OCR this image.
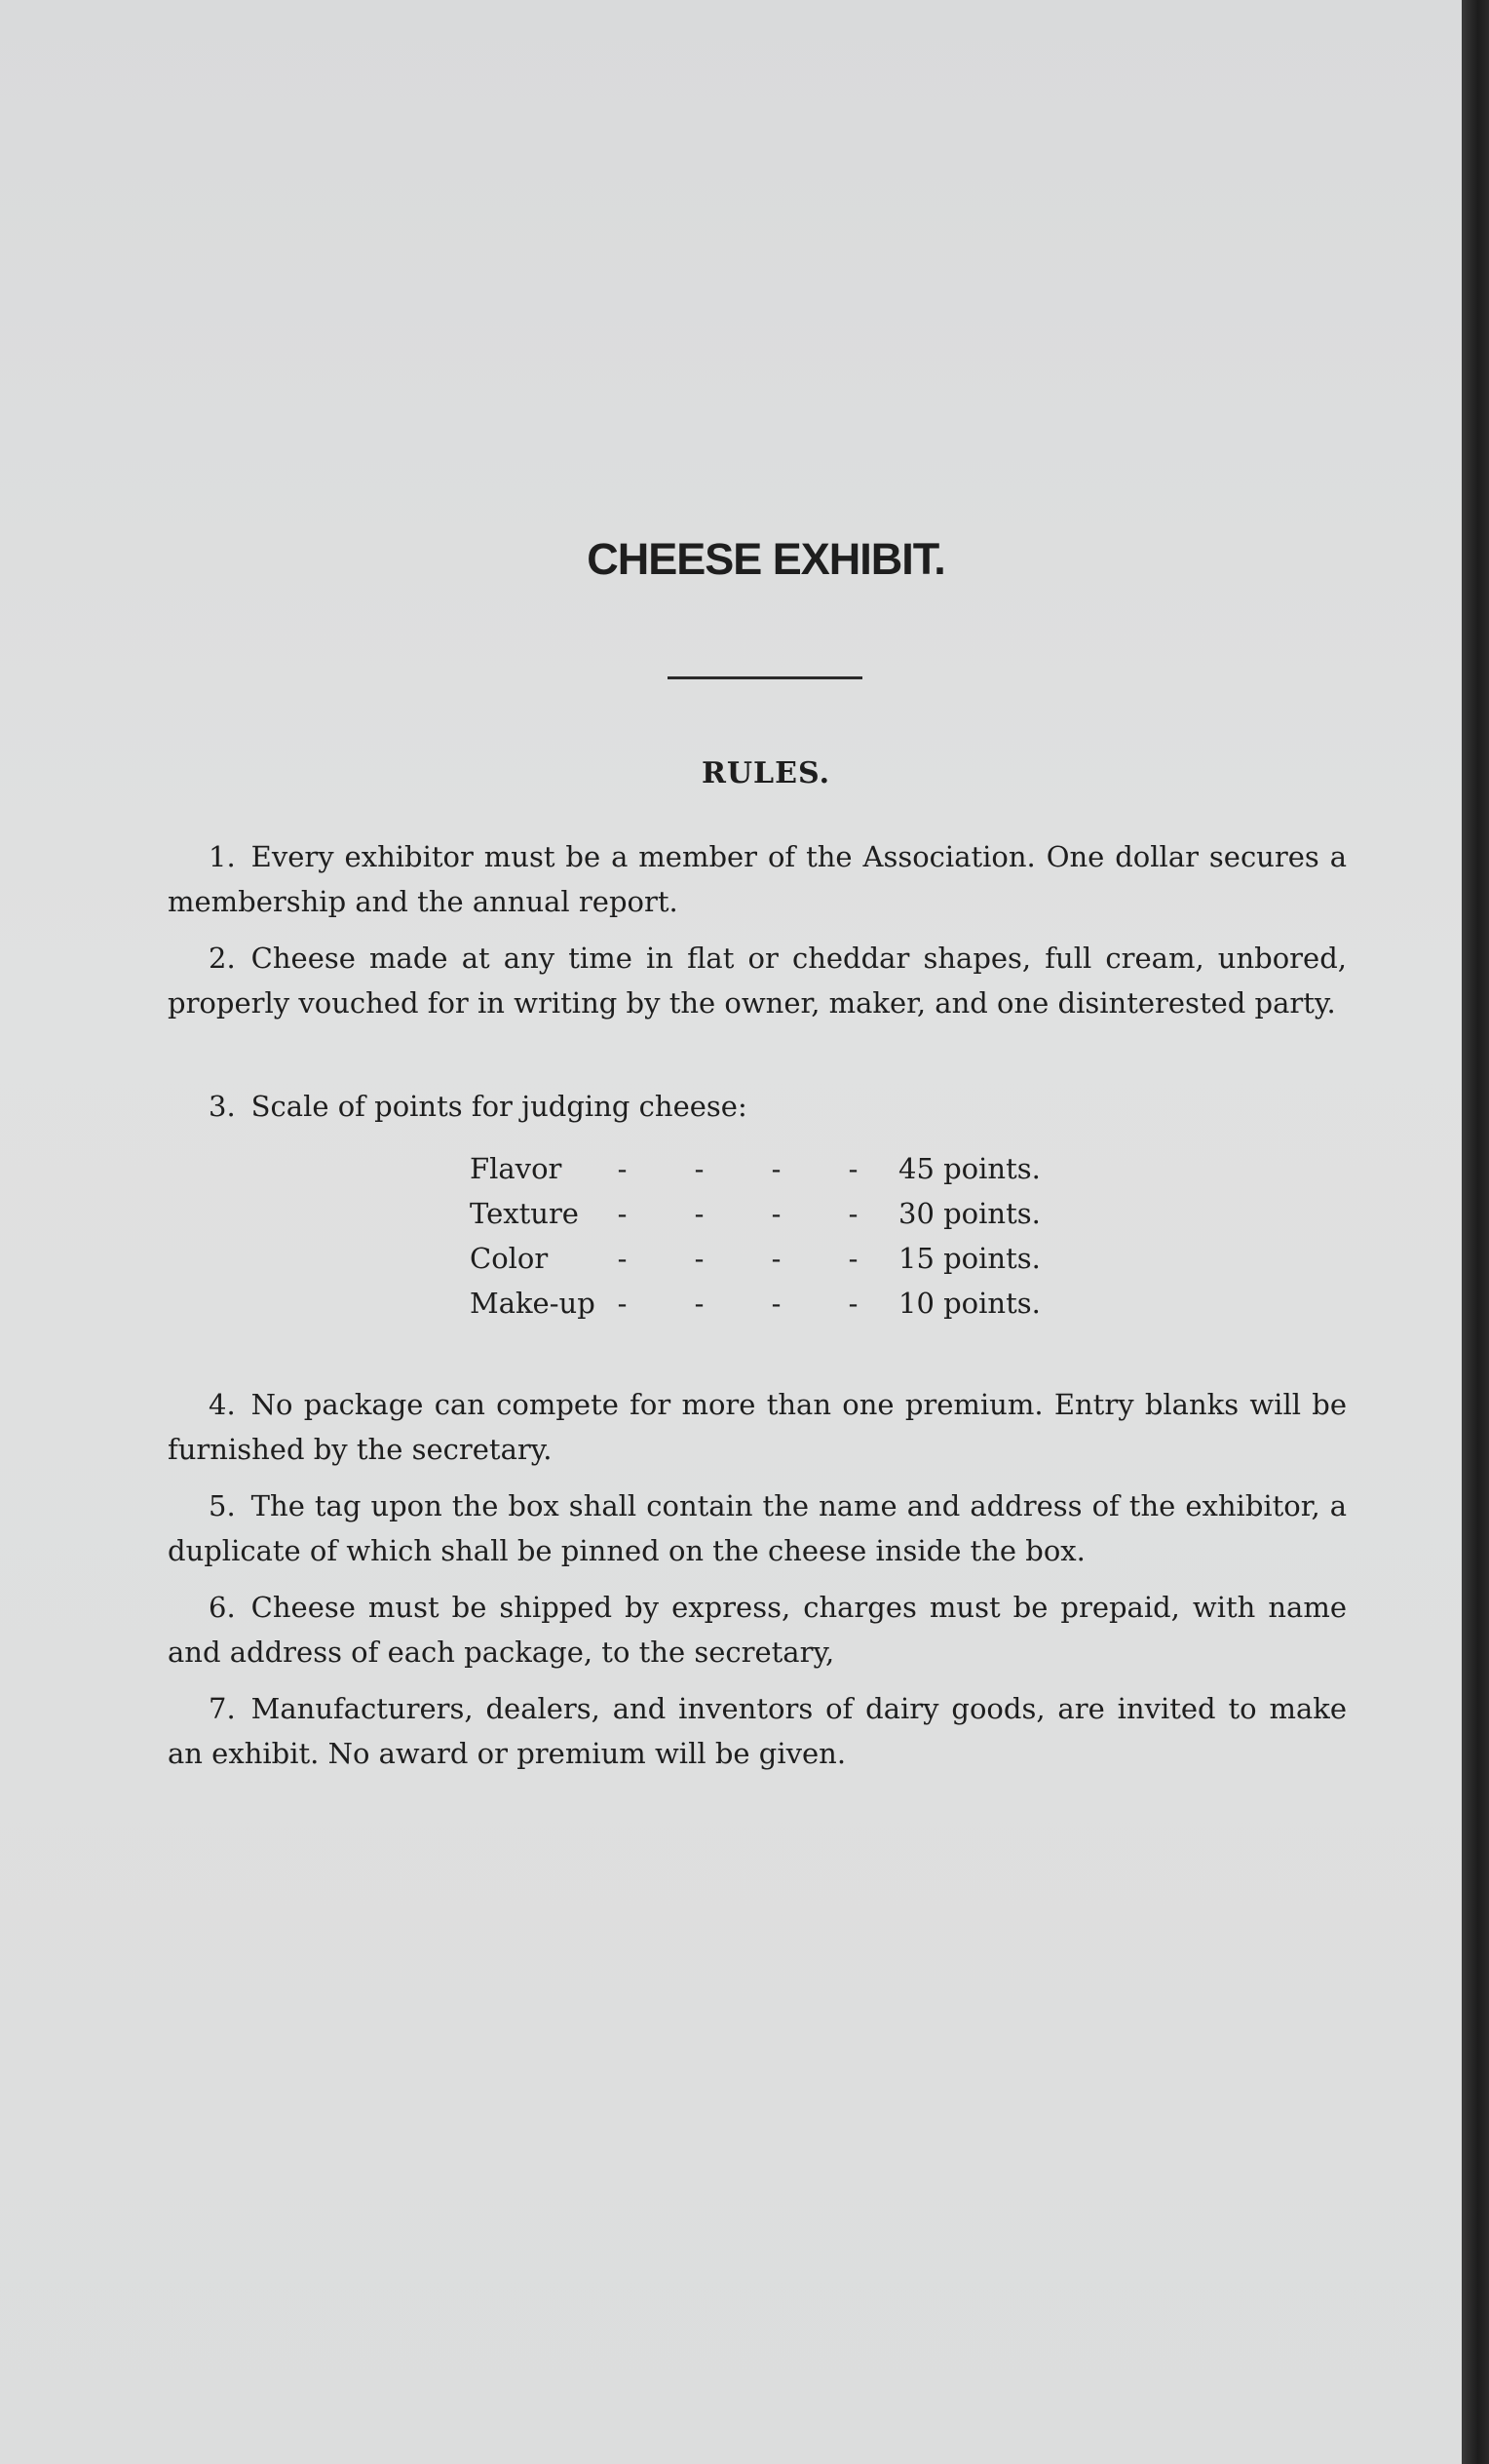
CHEESE EXHIBIT.
RULES.

1. Every exhibitor must be a member of the Association. One dollar secures a membership and the annual report.

2. Cheese made at any time in flat or cheddar shapes, full cream, unbored, properly vouched for in writing by the owner, maker, and one disinterested party.

3. Scale of points for judging cheese:

Flavor	- - - -	45 points.
Texture	- - - -	30 points.
Color	- - - -	15 points.
Make-up	- - - -	10 points.

4. No package can compete for more than one premium. Entry blanks will be furnished by the secretary.

5. The tag upon the box shall contain the name and address of the exhibitor, a duplicate of which shall be pinned on the cheese inside the box.

6. Cheese must be shipped by express, charges must be prepaid, with name and address of each package, to the secretary,

7. Manufacturers, dealers, and inventors of dairy goods, are invited to make an exhibit. No award or premium will be given.
